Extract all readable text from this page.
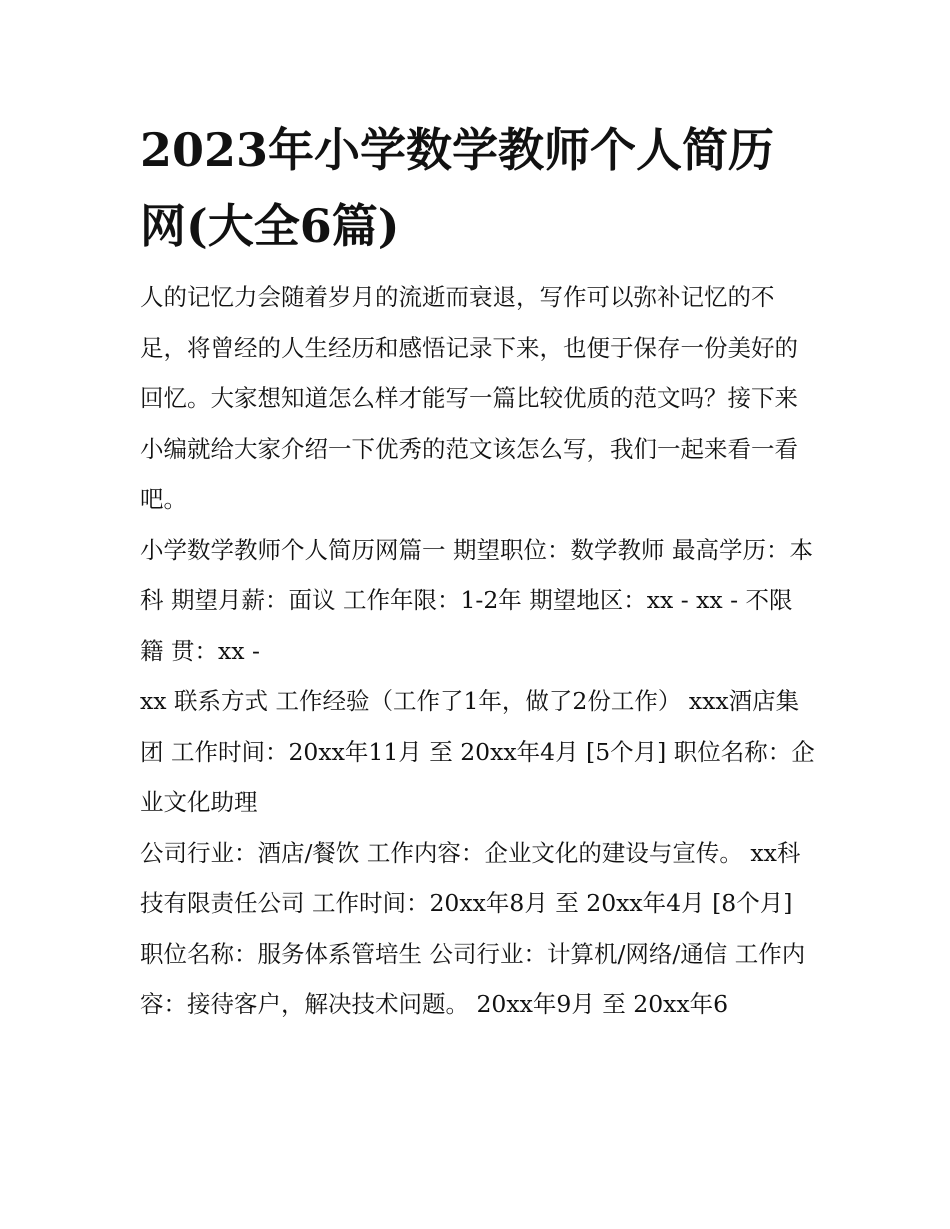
2023年小学数学教师个人简历网(大全6篇)

人的记忆力会随着岁月的流逝而衰退，写作可以弥补记忆的不足，将曾经的人生经历和感悟记录下来，也便于保存一份美好的回忆。大家想知道怎么样才能写一篇比较优质的范文吗？接下来小编就给大家介绍一下优秀的范文该怎么写，我们一起来看一看吧。

小学数学教师个人简历网篇一 期望职位：数学教师 最高学历：本科 期望月薪：面议 工作年限：1-2年 期望地区：xx - xx - 不限 籍 贯：xx -

xx 联系方式 工作经验（工作了1年，做了2份工作） xxx酒店集团 工作时间：20xx年11月 至 20xx年4月 [5个月] 职位名称：企业文化助理

公司行业：酒店/餐饮 工作内容：企业文化的建设与宣传。 xx科技有限责任公司 工作时间：20xx年8月 至 20xx年4月 [8个月]

职位名称：服务体系管培生 公司行业：计算机/网络/通信 工作内容：接待客户，解决技术问题。 20xx年9月 至 20xx年6
